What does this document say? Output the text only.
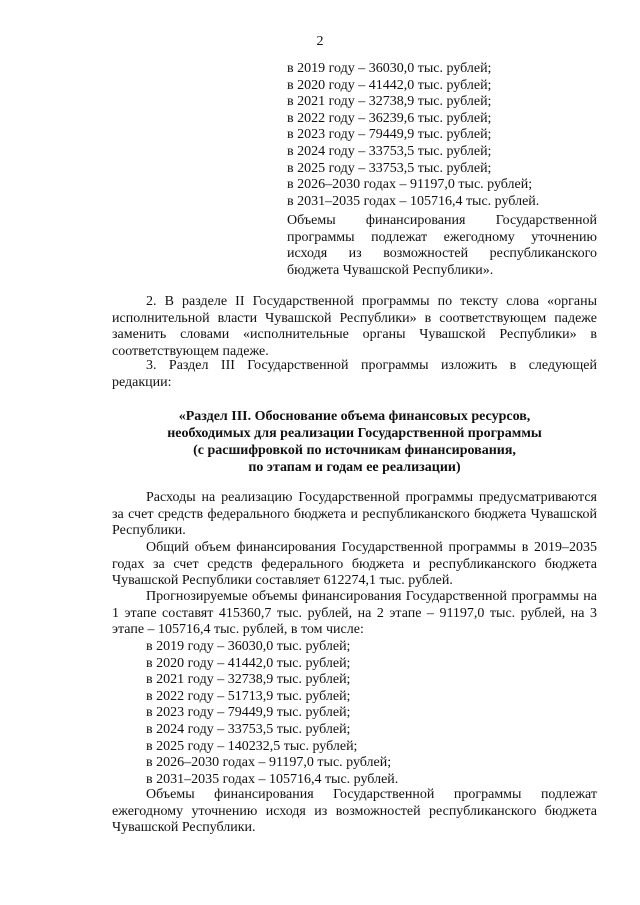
2
в 2019 году – 36030,0 тыс. рублей;
в 2020 году – 41442,0 тыс. рублей;
в 2021 году – 32738,9 тыс. рублей;
в 2022 году – 36239,6 тыс. рублей;
в 2023 году – 79449,9 тыс. рублей;
в 2024 году – 33753,5 тыс. рублей;
в 2025 году – 33753,5 тыс. рублей;
в 2026–2030 годах – 91197,0 тыс. рублей;
в 2031–2035 годах – 105716,4 тыс. рублей.

Объемы финансирования Государственной программы подлежат ежегодному уточнению исходя из возможностей республиканского бюджета Чувашской Республики».

2. В разделе II Государственной программы по тексту слова «органы исполнительной власти Чувашской Республики» в соответствующем падеже заменить словами «исполнительные органы Чувашской Республики» в соответствующем падеже.

3. Раздел III Государственной программы изложить в следующей редакции:

«Раздел III. Обоснование объема финансовых ресурсов,
необходимых для реализации Государственной программы
(с расшифровкой по источникам финансирования,
по этапам и годам ее реализации)

Расходы на реализацию Государственной программы предусматриваются за счет средств федерального бюджета и республиканского бюджета Чувашской Республики.

Общий объем финансирования Государственной программы в 2019–2035 годах за счет средств федерального бюджета и республиканского бюджета Чувашской Республики составляет 612274,1 тыс. рублей.

Прогнозируемые объемы финансирования Государственной программы на 1 этапе составят 415360,7 тыс. рублей, на 2 этапе – 91197,0 тыс. рублей, на 3 этапе – 105716,4 тыс. рублей, в том числе:

в 2019 году – 36030,0 тыс. рублей;
в 2020 году – 41442,0 тыс. рублей;
в 2021 году – 32738,9 тыс. рублей;
в 2022 году – 51713,9 тыс. рублей;
в 2023 году – 79449,9 тыс. рублей;
в 2024 году – 33753,5 тыс. рублей;
в 2025 году – 140232,5 тыс. рублей;
в 2026–2030 годах – 91197,0 тыс. рублей;
в 2031–2035 годах – 105716,4 тыс. рублей.

Объемы финансирования Государственной программы подлежат ежегодному уточнению исходя из возможностей республиканского бюджета Чувашской Республики.
